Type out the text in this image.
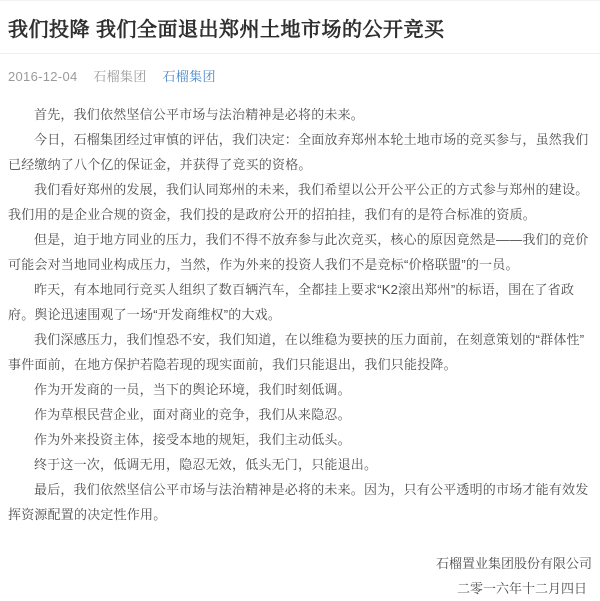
我们投降 我们全面退出郑州土地市场的公开竞买
2016-12-04 石榴集团 石榴集团

首先，我们依然坚信公平市场与法治精神是必将的未来。

今日，石榴集团经过审慎的评估，我们决定：全面放弃郑州本轮土地市场的竞买参与，虽然我们已经缴纳了八个亿的保证金，并获得了竞买的资格。

我们看好郑州的发展，我们认同郑州的未来，我们希望以公开公平公正的方式参与郑州的建设。我们用的是企业合规的资金，我们投的是政府公开的招拍挂，我们有的是符合标准的资质。

但是，迫于地方同业的压力，我们不得不放弃参与此次竞买，核心的原因竟然是——我们的竞价可能会对当地同业构成压力，当然，作为外来的投资人我们不是竞标“价格联盟”的一员。

昨天，有本地同行竞买人组织了数百辆汽车，全都挂上要求“K2滚出郑州”的标语，围在了省政府。舆论迅速围观了一场“开发商维权”的大戏。

我们深感压力，我们惶恐不安，我们知道，在以维稳为要挟的压力面前，在刻意策划的“群体性”事件面前，在地方保护若隐若现的现实面前，我们只能退出，我们只能投降。

作为开发商的一员，当下的舆论环境，我们时刻低调。

作为草根民营企业，面对商业的竞争，我们从来隐忍。

作为外来投资主体，接受本地的规矩，我们主动低头。

终于这一次，低调无用，隐忍无效，低头无门，只能退出。

最后，我们依然坚信公平市场与法治精神是必将的未来。因为，只有公平透明的市场才能有效发挥资源配置的决定性作用。

石榴置业集团股份有限公司
二零一六年十二月四日
